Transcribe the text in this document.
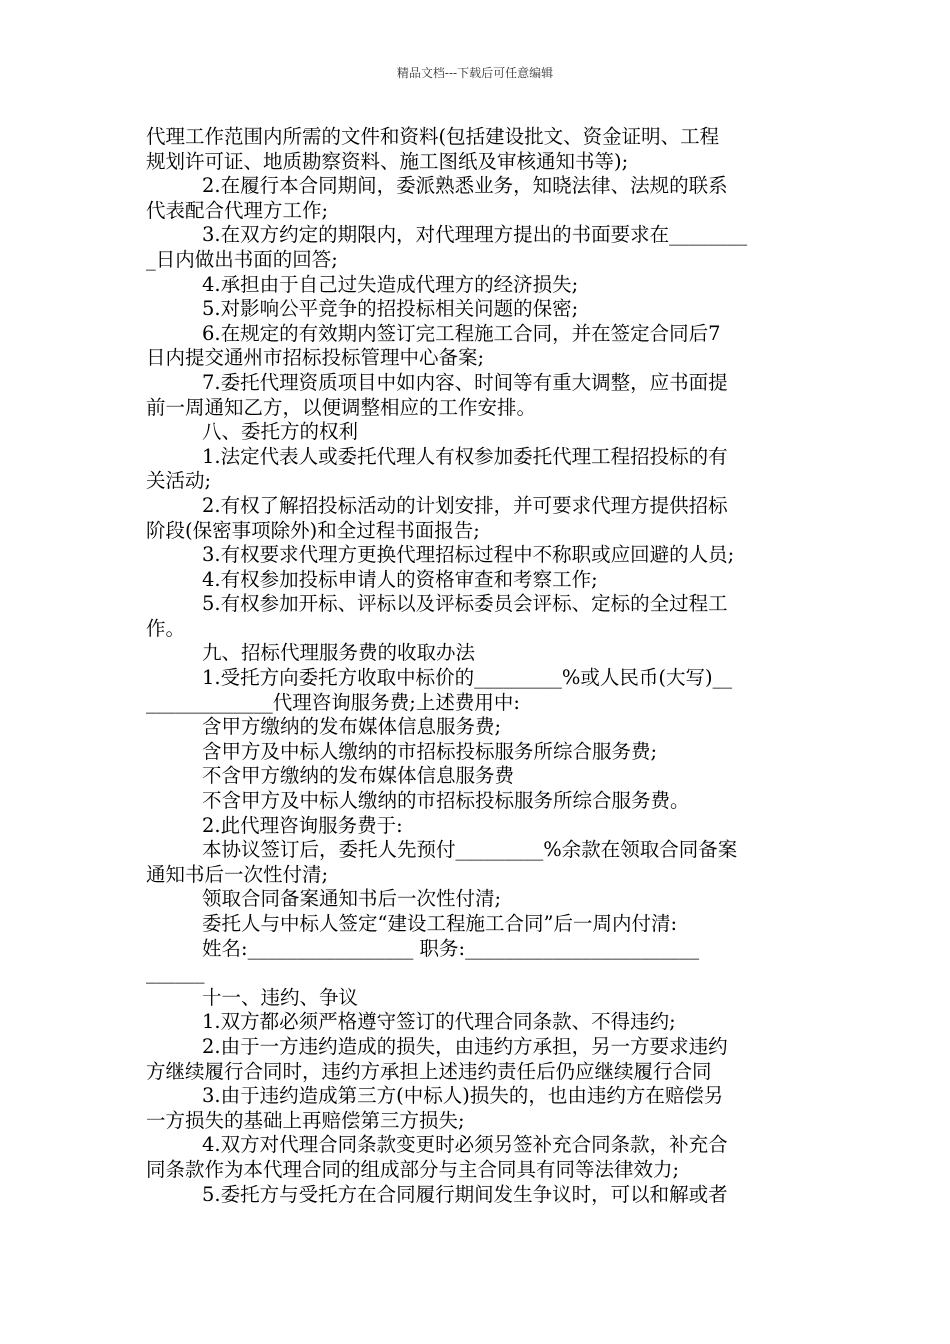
精品文档---下载后可任意编辑
代理工作范围内所需的文件和资料(包括建设批文、资金证明、工程
规划许可证、地质勘察资料、施工图纸及审核通知书等);
2.在履行本合同期间，委派熟悉业务，知晓法律、法规的联系
代表配合代理方工作;
3.在双方约定的期限内，对代理理方提出的书面要求在________
_日内做出书面的回答;
4.承担由于自己过失造成代理方的经济损失;
5.对影响公平竞争的招投标相关问题的保密;
6.在规定的有效期内签订完工程施工合同，并在签定合同后7
日内提交通州市招标投标管理中心备案;
7.委托代理资质项目中如内容、时间等有重大调整，应书面提
前一周通知乙方，以便调整相应的工作安排。
八、委托方的权利
1.法定代表人或委托代理人有权参加委托代理工程招投标的有
关活动;
2.有权了解招投标活动的计划安排，并可要求代理方提供招标
阶段(保密事项除外)和全过程书面报告;
3.有权要求代理方更换代理招标过程中不称职或应回避的人员;
4.有权参加投标申请人的资格审查和考察工作;
5.有权参加开标、评标以及评标委员会评标、定标的全过程工
作。
九、招标代理服务费的收取办法
1.受托方向委托方收取中标价的_________%或人民币(大写)__
_____________代理咨询服务费;上述费用中:
含甲方缴纳的发布媒体信息服务费;
含甲方及中标人缴纳的市招标投标服务所综合服务费;
不含甲方缴纳的发布媒体信息服务费
不含甲方及中标人缴纳的市招标投标服务所综合服务费。
2.此代理咨询服务费于:
本协议签订后，委托人先预付_________%余款在领取合同备案
通知书后一次性付清;
领取合同备案通知书后一次性付清;
委托人与中标人签定“建设工程施工合同”后一周内付清:
姓名:_________________ 职务:________________________
______
十一、违约、争议
1.双方都必须严格遵守签订的代理合同条款、不得违约;
2.由于一方违约造成的损失，由违约方承担，另一方要求违约
方继续履行合同时，违约方承担上述违约责任后仍应继续履行合同
3.由于违约造成第三方(中标人)损失的，也由违约方在赔偿另
一方损失的基础上再赔偿第三方损失;
4.双方对代理合同条款变更时必须另签补充合同条款，补充合
同条款作为本代理合同的组成部分与主合同具有同等法律效力;
5.委托方与受托方在合同履行期间发生争议时，可以和解或者
